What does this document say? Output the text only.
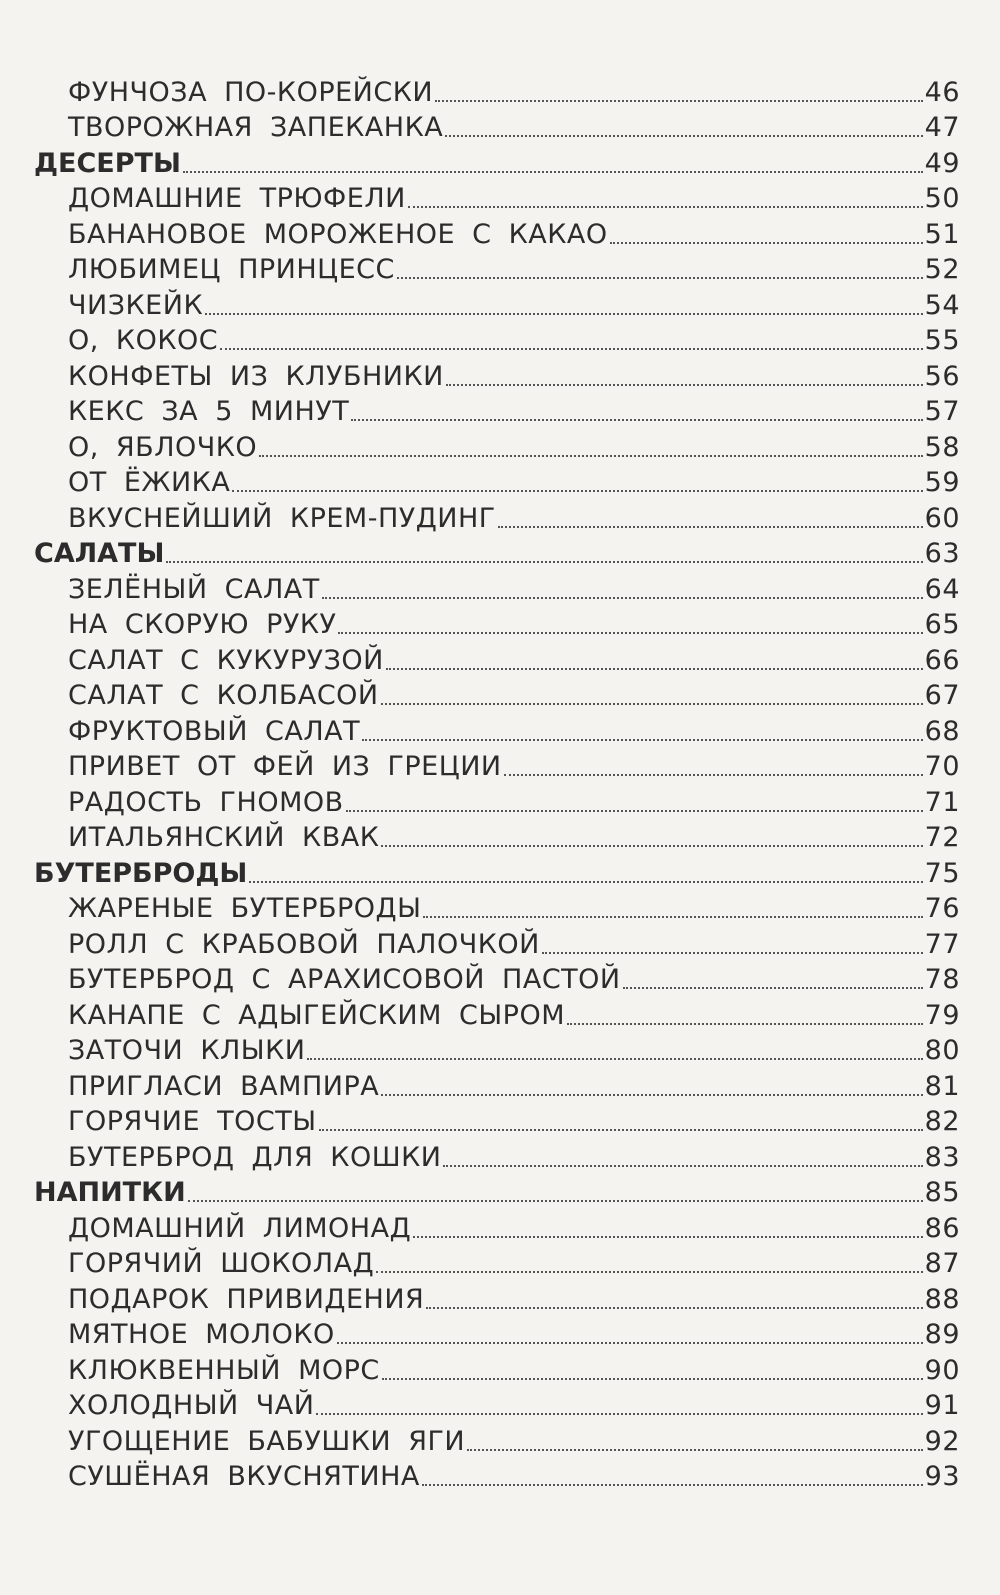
ФУНЧОЗА ПО-КОРЕЙСКИ	46
ТВОРОЖНАЯ ЗАПЕКАНКА	47
ДЕСЕРТЫ	49
ДОМАШНИЕ ТРЮФЕЛИ	50
БАНАНОВОЕ МОРОЖЕНОЕ С КАКАО	51
ЛЮБИМЕЦ ПРИНЦЕСС	52
ЧИЗКЕЙК	54
О, КОКОС	55
КОНФЕТЫ ИЗ КЛУБНИКИ	56
КЕКС ЗА 5 МИНУТ	57
О, ЯБЛОЧКО	58
ОТ ЁЖИКА	59
ВКУСНЕЙШИЙ КРЕМ-ПУДИНГ	60
САЛАТЫ	63
ЗЕЛЁНЫЙ САЛАТ	64
НА СКОРУЮ РУКУ	65
САЛАТ С КУКУРУЗОЙ	66
САЛАТ С КОЛБАСОЙ	67
ФРУКТОВЫЙ САЛАТ	68
ПРИВЕТ ОТ ФЕЙ ИЗ ГРЕЦИИ	70
РАДОСТЬ ГНОМОВ	71
ИТАЛЬЯНСКИЙ КВАК	72
БУТЕРБРОДЫ	75
ЖАРЕНЫЕ БУТЕРБРОДЫ	76
РОЛЛ С КРАБОВОЙ ПАЛОЧКОЙ	77
БУТЕРБРОД С АРАХИСОВОЙ ПАСТОЙ	78
КАНАПЕ С АДЫГЕЙСКИМ СЫРОМ	79
ЗАТОЧИ КЛЫКИ	80
ПРИГЛАСИ ВАМПИРА	81
ГОРЯЧИЕ ТОСТЫ	82
БУТЕРБРОД ДЛЯ КОШКИ	83
НАПИТКИ	85
ДОМАШНИЙ ЛИМОНАД	86
ГОРЯЧИЙ ШОКОЛАД	87
ПОДАРОК ПРИВИДЕНИЯ	88
МЯТНОЕ МОЛОКО	89
КЛЮКВЕННЫЙ МОРС	90
ХОЛОДНЫЙ ЧАЙ	91
УГОЩЕНИЕ БАБУШКИ ЯГИ	92
СУШЁНАЯ ВКУСНЯТИНА	93
